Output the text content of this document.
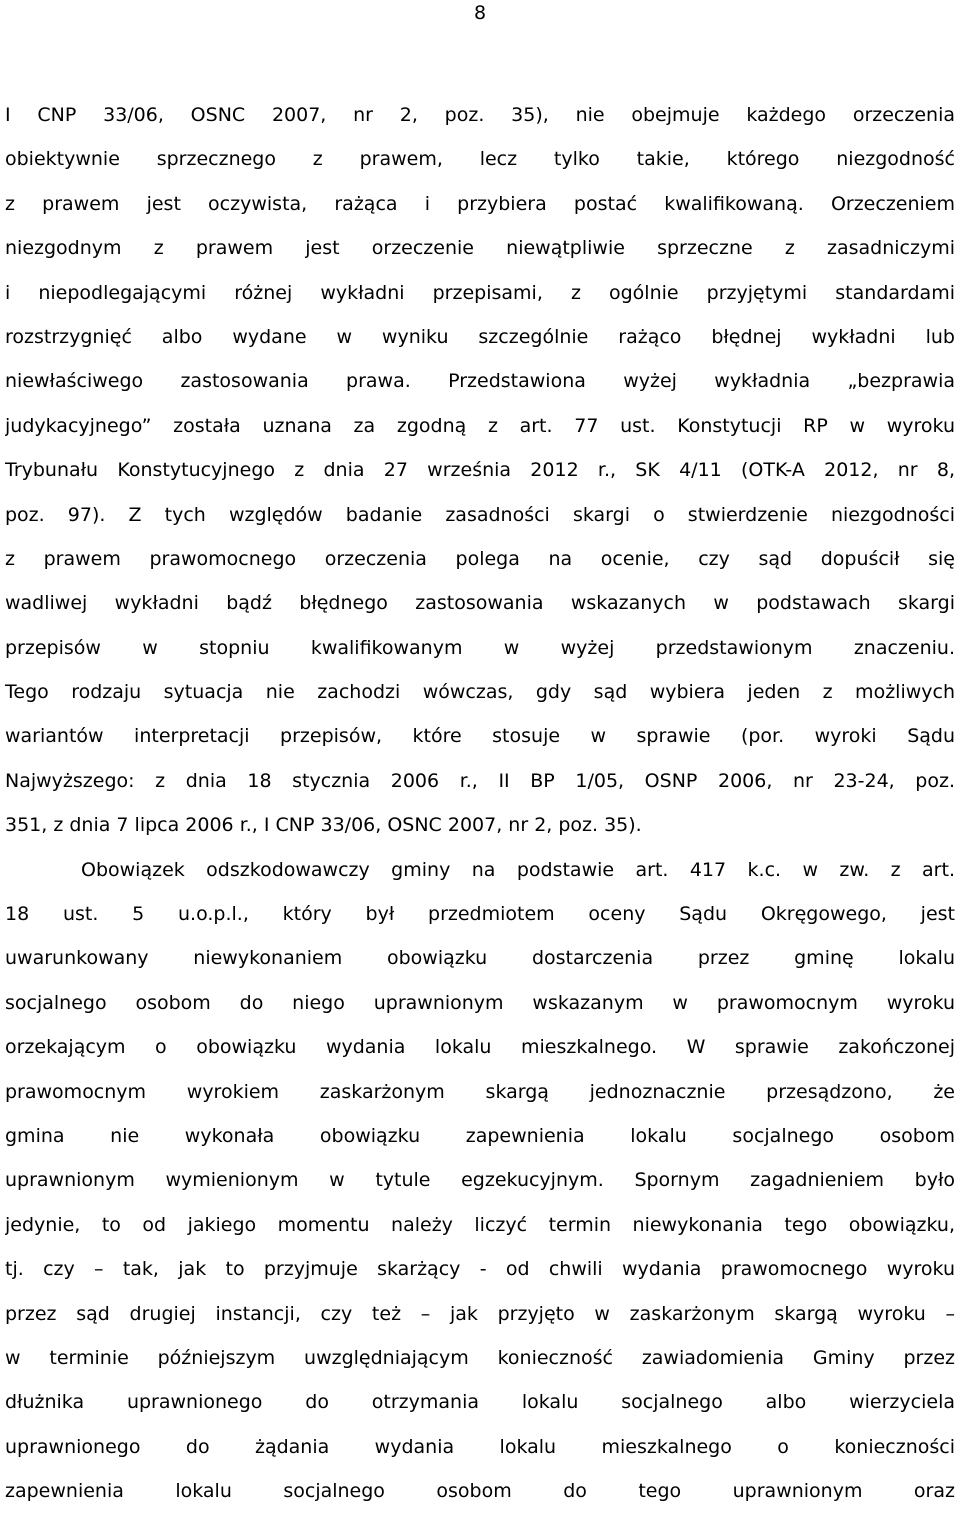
8
I CNP 33/06, OSNC 2007, nr 2, poz. 35), nie obejmuje każdego orzeczenia
obiektywnie sprzecznego z prawem, lecz tylko takie, którego niezgodność
z prawem jest oczywista, rażąca i przybiera postać kwalifikowaną. Orzeczeniem
niezgodnym z prawem jest orzeczenie niewątpliwie sprzeczne z zasadniczymi
i niepodlegającymi różnej wykładni przepisami, z ogólnie przyjętymi standardami
rozstrzygnięć albo wydane w wyniku szczególnie rażąco błędnej wykładni lub
niewłaściwego zastosowania prawa. Przedstawiona wyżej wykładnia „bezprawia
judykacyjnego” została uznana za zgodną z art. 77 ust. Konstytucji RP w wyroku
Trybunału Konstytucyjnego z dnia 27 września 2012 r., SK 4/11 (OTK-A 2012, nr 8,
poz. 97). Z tych względów badanie zasadności skargi o stwierdzenie niezgodności
z prawem prawomocnego orzeczenia polega na ocenie, czy sąd dopuścił się
wadliwej wykładni bądź błędnego zastosowania wskazanych w podstawach skargi
przepisów w stopniu kwalifikowanym w wyżej przedstawionym znaczeniu.
Tego rodzaju sytuacja nie zachodzi wówczas, gdy sąd wybiera jeden z możliwych
wariantów interpretacji przepisów, które stosuje w sprawie (por. wyroki Sądu
Najwyższego: z dnia 18 stycznia 2006 r., II BP 1/05, OSNP 2006, nr 23-24, poz.
351, z dnia 7 lipca 2006 r., I CNP 33/06, OSNC 2007, nr 2, poz. 35).
Obowiązek odszkodowawczy gminy na podstawie art. 417 k.c. w zw. z art.
18 ust. 5 u.o.p.l., który był przedmiotem oceny Sądu Okręgowego, jest
uwarunkowany niewykonaniem obowiązku dostarczenia przez gminę lokalu
socjalnego osobom do niego uprawnionym wskazanym w prawomocnym wyroku
orzekającym o obowiązku wydania lokalu mieszkalnego. W sprawie zakończonej
prawomocnym wyrokiem zaskarżonym skargą jednoznacznie przesądzono, że
gmina nie wykonała obowiązku zapewnienia lokalu socjalnego osobom
uprawnionym wymienionym w tytule egzekucyjnym. Spornym zagadnieniem było
jedynie, to od jakiego momentu należy liczyć termin niewykonania tego obowiązku,
tj. czy – tak, jak to przyjmuje skarżący - od chwili wydania prawomocnego wyroku
przez sąd drugiej instancji, czy też – jak przyjęto w zaskarżonym skargą wyroku –
w terminie późniejszym uwzględniającym konieczność zawiadomienia Gminy przez
dłużnika uprawnionego do otrzymania lokalu socjalnego albo wierzyciela
uprawnionego do żądania wydania lokalu mieszkalnego o konieczności
zapewnienia lokalu socjalnego osobom do tego uprawnionym oraz
